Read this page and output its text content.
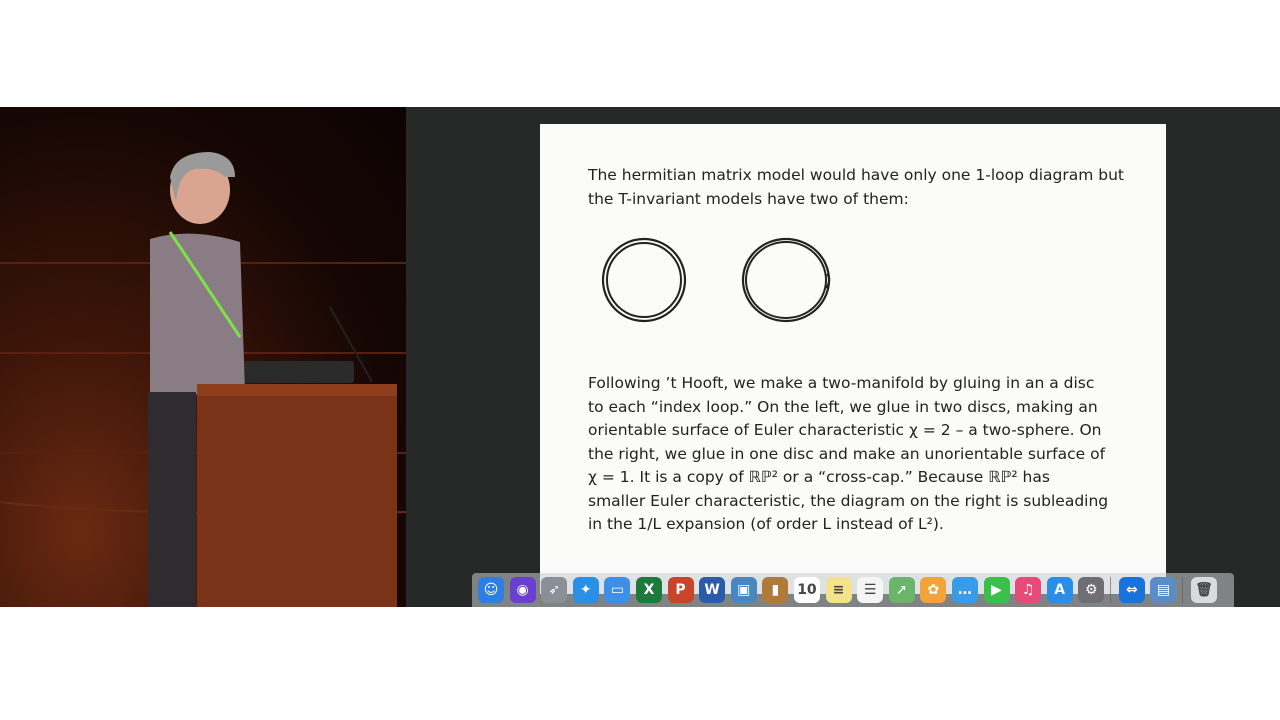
The hermitian matrix model would have only one 1-loop diagram but the T-invariant models have two of them:

Following ’t Hooft, we make a two-manifold by gluing in an a disc
to each “index loop.” On the left, we glue in two discs, making an
orientable surface of Euler characteristic χ = 2 – a two-sphere. On
the right, we glue in one disc and make an unorientable surface of
χ = 1. It is a copy of ℝℙ² or a “cross-cap.” Because ℝℙ² has
smaller Euler characteristic, the diagram on the right is subleading
in the 1/L expansion (of order L instead of L²).
☺	◉	➶	✦	▭	X	P	W	▣	▮	10	≡	☰	➚	✿	…	▶	♫	A	⚙	⇔	▤	🗑
